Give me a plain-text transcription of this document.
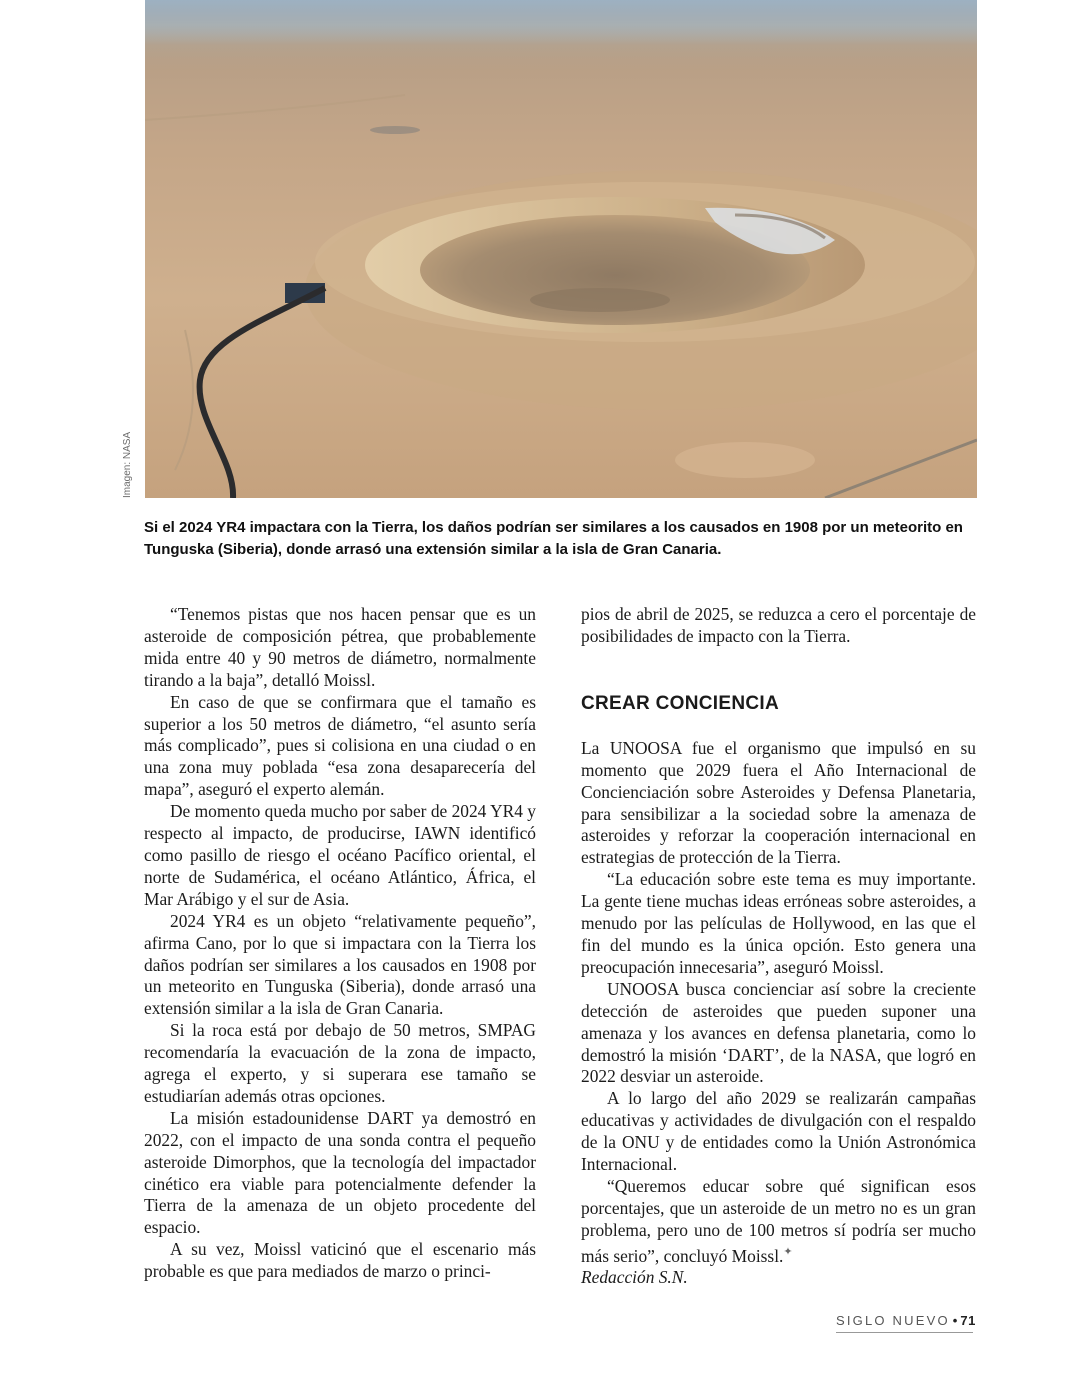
Imagen: NASA
Si el 2024 YR4 impactara con la Tierra, los daños podrían ser similares a los causados en 1908 por un meteorito en Tunguska (Siberia), donde arrasó una extensión similar a la isla de Gran Canaria.

“Tenemos pistas que nos hacen pensar que es un asteroide de composición pétrea, que probablemente mida entre 40 y 90 metros de diámetro, normalmente tirando a la baja”, detalló Moissl.

En caso de que se confirmara que el tamaño es superior a los 50 metros de diámetro, “el asunto sería más complicado”, pues si colisiona en una ciudad o en una zona muy poblada “esa zona desaparecería del mapa”, aseguró el experto alemán.

De momento queda mucho por saber de 2024 YR4 y respecto al impacto, de producirse, IAWN identificó como pasillo de riesgo el océano Pacífico oriental, el norte de Sudamérica, el océano Atlántico, África, el Mar Arábigo y el sur de Asia.

2024 YR4 es un objeto “relativamente pequeño”, afirma Cano, por lo que si impactara con la Tierra los daños podrían ser similares a los causados en 1908 por un meteorito en Tunguska (Siberia), donde arrasó una extensión similar a la isla de Gran Canaria.

Si la roca está por debajo de 50 metros, SMPAG recomendaría la evacuación de la zona de impacto, agrega el experto, y si superara ese tamaño se estudiarían además otras opciones.

La misión estadounidense DART ya demostró en 2022, con el impacto de una sonda contra el pequeño asteroide Dimorphos, que la tecnología del impactador cinético era viable para potencialmente defender la Tierra de la amenaza de un objeto procedente del espacio.

A su vez, Moissl vaticinó que el escenario más probable es que para mediados de marzo o princi-

pios de abril de 2025, se reduzca a cero el porcentaje de posibilidades de impacto con la Tierra.

CREAR CONCIENCIA

La UNOOSA fue el organismo que impulsó en su momento que 2029 fuera el Año Internacional de Concienciación sobre Asteroides y Defensa Planetaria, para sensibilizar a la sociedad sobre la amenaza de asteroides y reforzar la cooperación internacional en estrategias de protección de la Tierra.

“La educación sobre este tema es muy importante. La gente tiene muchas ideas erróneas sobre asteroides, a menudo por las películas de Hollywood, en las que el fin del mundo es la única opción. Esto genera una preocupación innecesaria”, aseguró Moissl.

UNOOSA busca concienciar así sobre la creciente detección de asteroides que pueden suponer una amenaza y los avances en defensa planetaria, como lo demostró la misión ‘DART’, de la NASA, que logró en 2022 desviar un asteroide.

A lo largo del año 2029 se realizarán campañas educativas y actividades de divulgación con el respaldo de la ONU y de entidades como la Unión Astronómica Internacional.

“Queremos educar sobre qué significan esos porcentajes, que un asteroide de un metro no es un gran problema, pero uno de 100 metros sí podría ser mucho más serio”, concluyó Moissl.✦

Redacción S.N.

SIGLO NUEVO • 71
